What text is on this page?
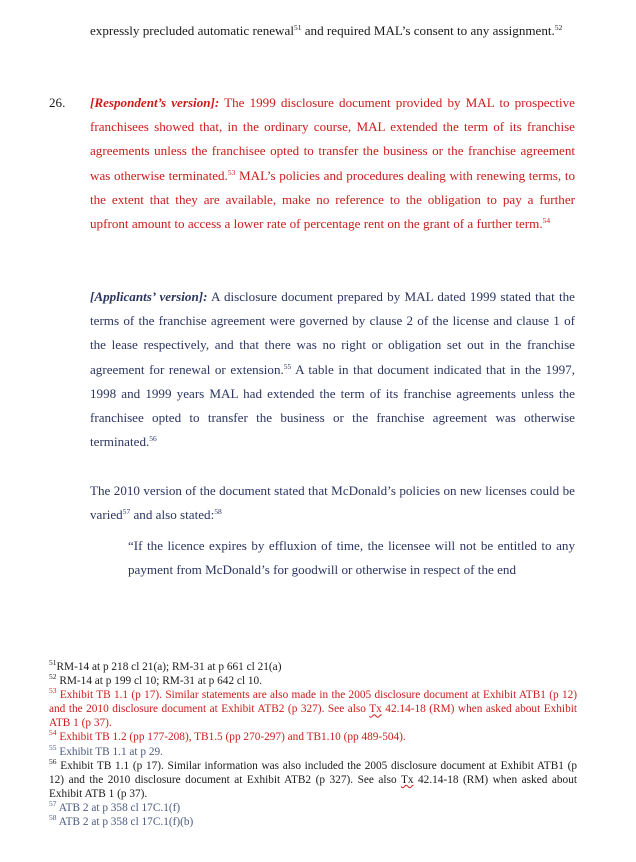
expressly precluded automatic renewal$^{51}$ and required MAL’s consent to any assignment.$^{52}$

26. [Respondent’s version]: The 1999 disclosure document provided by MAL to prospective franchisees showed that, in the ordinary course, MAL extended the term of its franchise agreements unless the franchisee opted to transfer the business or the franchise agreement was otherwise terminated.$^{53}$ MAL’s policies and procedures dealing with renewing terms, to the extent that they are available, make no reference to the obligation to pay a further upfront amount to access a lower rate of percentage rent on the grant of a further term.$^{54}$

[Applicants’ version]: A disclosure document prepared by MAL dated 1999 stated that the terms of the franchise agreement were governed by clause 2 of the license and clause 1 of the lease respectively, and that there was no right or obligation set out in the franchise agreement for renewal or extension.$^{55}$ A table in that document indicated that in the 1997, 1998 and 1999 years MAL had extended the term of its franchise agreements unless the franchisee opted to transfer the business or the franchise agreement was otherwise terminated.$^{56}$

The 2010 version of the document stated that McDonald’s policies on new licenses could be varied$^{57}$ and also stated:$^{58}$

“If the licence expires by effluxion of time, the licensee will not be entitled to any payment from McDonald’s for goodwill or otherwise in respect of the end

$^{51}$RM-14 at p 218 cl 21(a); RM-31 at p 661 cl 21(a)

$^{52}$ RM-14 at p 199 cl 10; RM-31 at p 642 cl 10.

$^{53}$ Exhibit TB 1.1 (p 17). Similar statements are also made in the 2005 disclosure document at Exhibit ATB1 (p 12) and the 2010 disclosure document at Exhibit ATB2 (p 327). See also Tx 42.14-18 (RM) when asked about Exhibit ATB 1 (p 37).

$^{54}$ Exhibit TB 1.2 (pp 177-208), TB1.5 (pp 270-297) and TB1.10 (pp 489-504).

$^{55}$ Exhibit TB 1.1 at p 29.

$^{56}$ Exhibit TB 1.1 (p 17). Similar information was also included the 2005 disclosure document at Exhibit ATB1 (p 12) and the 2010 disclosure document at Exhibit ATB2 (p 327). See also Tx 42.14-18 (RM) when asked about Exhibit ATB 1 (p 37).

$^{57}$ ATB 2 at p 358 cl 17C.1(f)

$^{58}$ ATB 2 at p 358 cl 17C.1(f)(b)
